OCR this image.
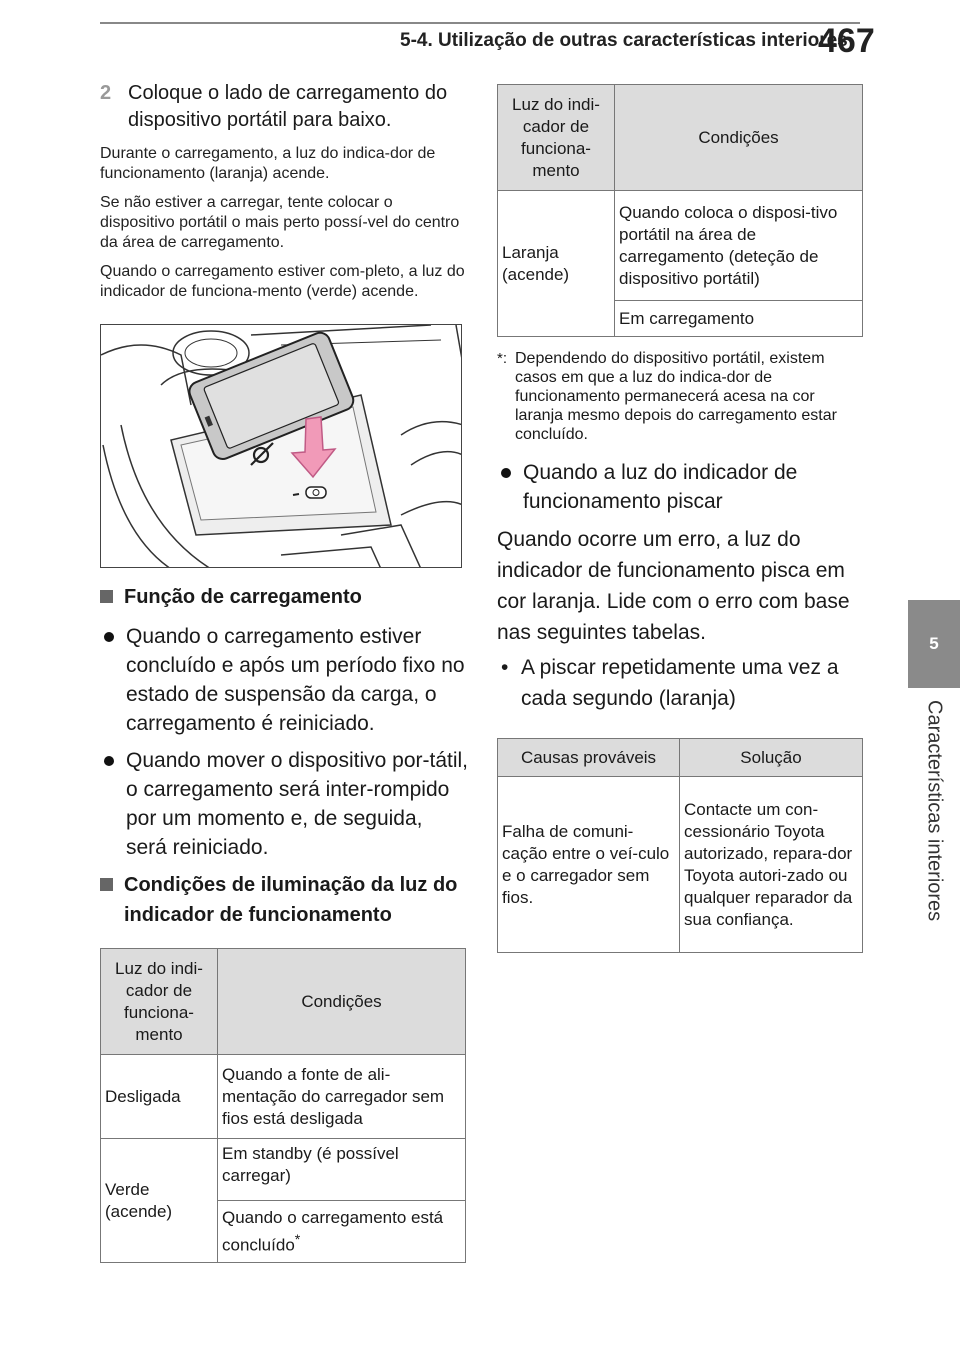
5-4. Utilização de outras características interiores
467
5
Características interiores
2 Coloque o lado de carregamento do dispositivo portátil para baixo.

Durante o carregamento, a luz do indica-dor de funcionamento (laranja) acende.

Se não estiver a carregar, tente colocar o dispositivo portátil o mais perto possí-vel do centro da área de carregamento.

Quando o carregamento estiver com-pleto, a luz do indicador de funciona-mento (verde) acende.

Função de carregamento
Quando o carregamento estiver concluído e após um período fixo no estado de suspensão da carga, o carregamento é reiniciado.
Quando mover o dispositivo por-tátil, o carregamento será inter-rompido por um momento e, de seguida, será reiniciado.
Condições de iluminação da luz do indicador de funcionamento
Luz do indi-cador de funciona-mento	Condições
Desligada	Quando a fonte de ali-mentação do carregador sem fios está desligada
Verde (acende)	Em standby (é possível carregar)
	Quando o carregamento está concluído*
Luz do indi-cador de funciona-mento	Condições
Laranja (acende)	Quando coloca o disposi-tivo portátil na área de carregamento (deteção de dispositivo portátil)
	Em carregamento
*: Dependendo do dispositivo portátil, existem casos em que a luz do indica-dor de funcionamento permanecerá acesa na cor laranja mesmo depois do carregamento estar concluído.
Quando a luz do indicador de funcionamento piscar

Quando ocorre um erro, a luz do indicador de funcionamento pisca em cor laranja. Lide com o erro com base nas seguintes tabelas.

• A piscar repetidamente uma vez a cada segundo (laranja)
Causas prováveis	Solução
Falha de comuni-cação entre o veí-culo e o carregador sem fios.	Contacte um con-cessionário Toyota autorizado, repara-dor Toyota autori-zado ou qualquer reparador da sua confiança.
